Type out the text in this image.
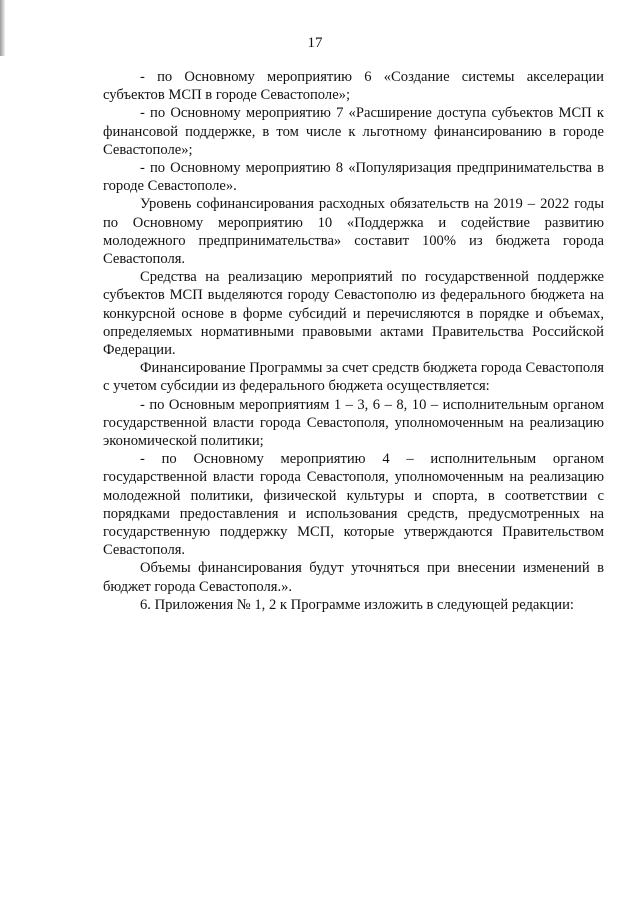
17

- по Основному мероприятию 6 «Создание системы акселерации субъектов МСП в городе Севастополе»;

- по Основному мероприятию 7 «Расширение доступа субъектов МСП к финансовой поддержке, в том числе к льготному финансированию в городе Севастополе»;

- по Основному мероприятию 8 «Популяризация предпринимательства в городе Севастополе».

Уровень софинансирования расходных обязательств на 2019 – 2022 годы по Основному мероприятию 10 «Поддержка и содействие развитию молодежного предпринимательства» составит 100% из бюджета города Севастополя.

Средства на реализацию мероприятий по государственной поддержке субъектов МСП выделяются городу Севастополю из федерального бюджета на конкурсной основе в форме субсидий и перечисляются в порядке и объемах, определяемых нормативными правовыми актами Правительства Российской Федерации.

Финансирование Программы за счет средств бюджета города Севастополя с учетом субсидии из федерального бюджета осуществляется:

- по Основным мероприятиям 1 – 3, 6 – 8, 10 – исполнительным органом государственной власти города Севастополя, уполномоченным на реализацию экономической политики;

- по Основному мероприятию 4 – исполнительным органом государственной власти города Севастополя, уполномоченным на реализацию молодежной политики, физической культуры и спорта, в соответствии с порядками предоставления и использования средств, предусмотренных на государственную поддержку МСП, которые утверждаются Правительством Севастополя.

Объемы финансирования будут уточняться при внесении изменений в бюджет города Севастополя.».

6. Приложения № 1, 2 к Программе изложить в следующей редакции:
